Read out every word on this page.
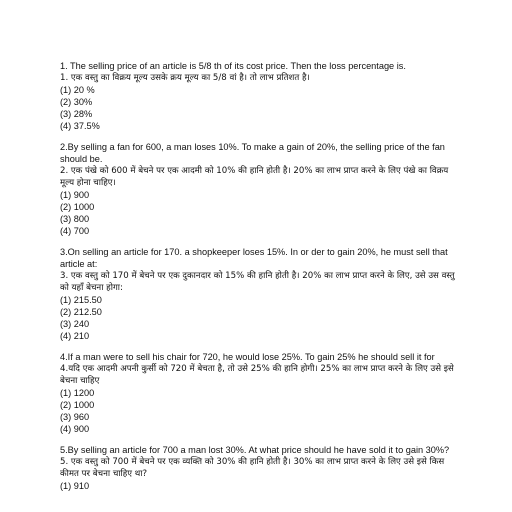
1. The selling price of an article is 5/8 th of its cost price. Then the loss percentage is.
1. एक वस्तु का विक्रय मूल्य उसके क्रय मूल्य का 5/8 वां है। तो लाभ प्रतिशत है।
(1) 20 %
(2) 30%
(3) 28%
(4) 37.5%
2.By selling a fan for 600, a man loses 10%. To make a gain of 20%, the selling price of the fan should be.
2. एक पंखे को 600 में बेचने पर एक आदमी को 10% की हानि होती है। 20% का लाभ प्राप्त करने के लिए पंखे का विक्रय मूल्य होना चाहिए।
(1) 900
(2) 1000
(3) 800
(4) 700
3.On selling an article for 170. a shopkeeper loses 15%. In or der to gain 20%, he must sell that article at:
3. एक वस्तु को 170 में बेचने पर एक दुकानदार को 15% की हानि होती है। 20% का लाभ प्राप्त करने के लिए, उसे उस वस्तु को यहाँ बेचना होगा:
(1) 215.50
(2) 212.50
(3) 240
(4) 210
4.If a man were to sell his chair for 720, he would lose 25%. To gain 25% he should sell it for
4.यदि एक आदमी अपनी कुर्सी को 720 में बेचता है, तो उसे 25% की हानि होगी। 25% का लाभ प्राप्त करने के लिए उसे इसे बेचना चाहिए
(1) 1200
(2) 1000
(3) 960
(4) 900
5.By selling an article for 700 a man lost 30%. At what price should he have sold it to gain 30%?
5. एक वस्तु को 700 में बेचने पर एक व्यक्ति को 30% की हानि होती है। 30% का लाभ प्राप्त करने के लिए उसे इसे किस कीमत पर बेचना चाहिए था?
(1) 910
